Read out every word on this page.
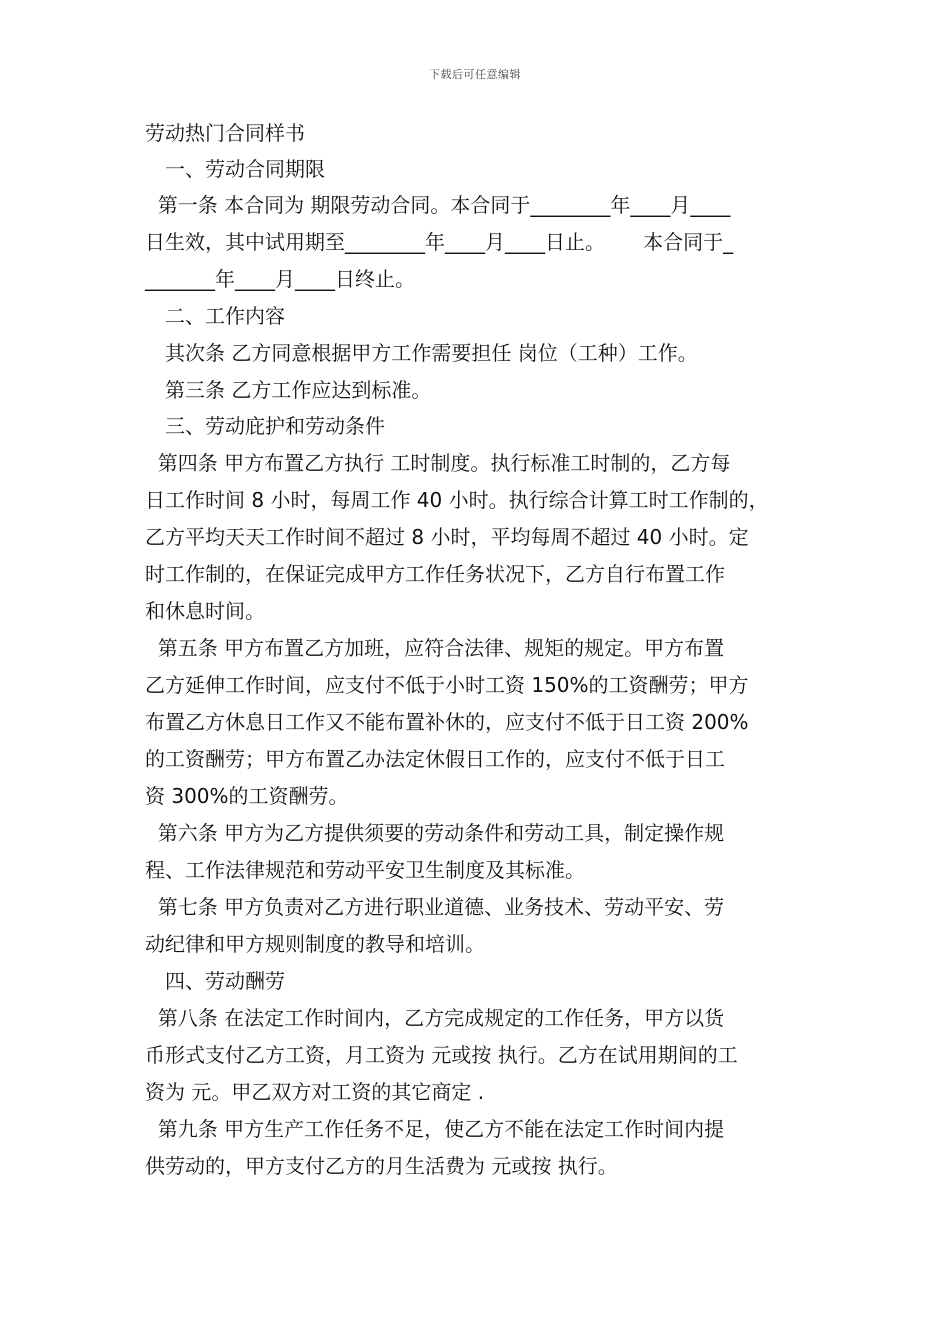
下载后可任意编辑
劳动热门合同样书
一、劳动合同期限
第一条 本合同为 期限劳动合同。本合同于________年____月____
日生效，其中试用期至________年____月____日止。      本合同于_
_______年____月____日终止。
二、工作内容
其次条 乙方同意根据甲方工作需要担任 岗位（工种）工作。
第三条 乙方工作应达到标准。
三、劳动庇护和劳动条件
第四条 甲方布置乙方执行 工时制度。执行标准工时制的，乙方每
日工作时间 8 小时，每周工作 40 小时。执行综合计算工时工作制的，
乙方平均天天工作时间不超过 8 小时，平均每周不超过 40 小时。定
时工作制的，在保证完成甲方工作任务状况下，乙方自行布置工作
和休息时间。
第五条 甲方布置乙方加班，应符合法律、规矩的规定。甲方布置
乙方延伸工作时间，应支付不低于小时工资 150%的工资酬劳；甲方
布置乙方休息日工作又不能布置补休的，应支付不低于日工资 200%
的工资酬劳；甲方布置乙办法定休假日工作的，应支付不低于日工
资 300%的工资酬劳。
第六条 甲方为乙方提供须要的劳动条件和劳动工具，制定操作规
程、工作法律规范和劳动平安卫生制度及其标准。
第七条 甲方负责对乙方进行职业道德、业务技术、劳动平安、劳
动纪律和甲方规则制度的教导和培训。
四、劳动酬劳
第八条 在法定工作时间内，乙方完成规定的工作任务，甲方以货
币形式支付乙方工资，月工资为 元或按 执行。乙方在试用期间的工
资为 元。甲乙双方对工资的其它商定 .
第九条 甲方生产工作任务不足，使乙方不能在法定工作时间内提
供劳动的，甲方支付乙方的月生活费为 元或按 执行。
